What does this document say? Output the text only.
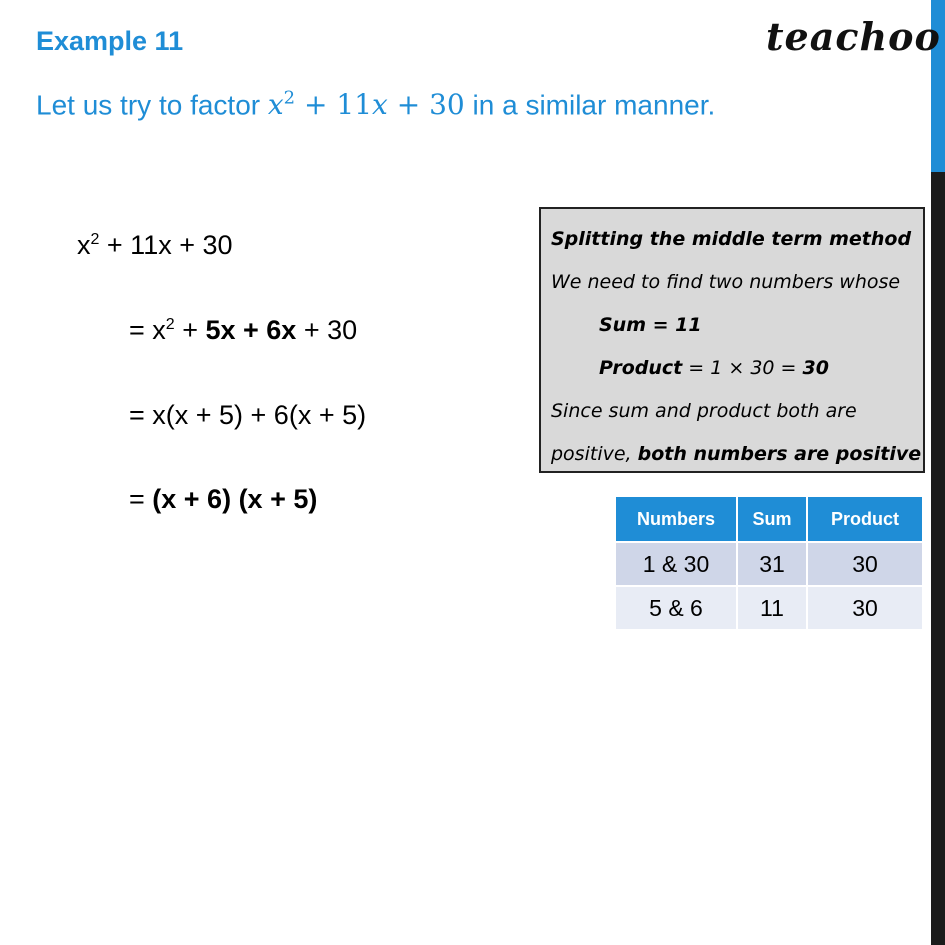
Example 11	teachoo
Let us try to factor $x^2 + 11x + 30$ in a similar manner.
$x^2 + 11x + 30$
= $x^2 + 5x + 6x + 30$
= x(x + 5) + 6(x + 5)
= (x + 6) (x + 5)
Splitting the middle term method
We need to find two numbers whose
Sum = 11
Product = 1 × 30 = 30
Since sum and product both are
positive, both numbers are positive
Numbers	Sum	Product
1 & 30	31	30
5 & 6	11	30
